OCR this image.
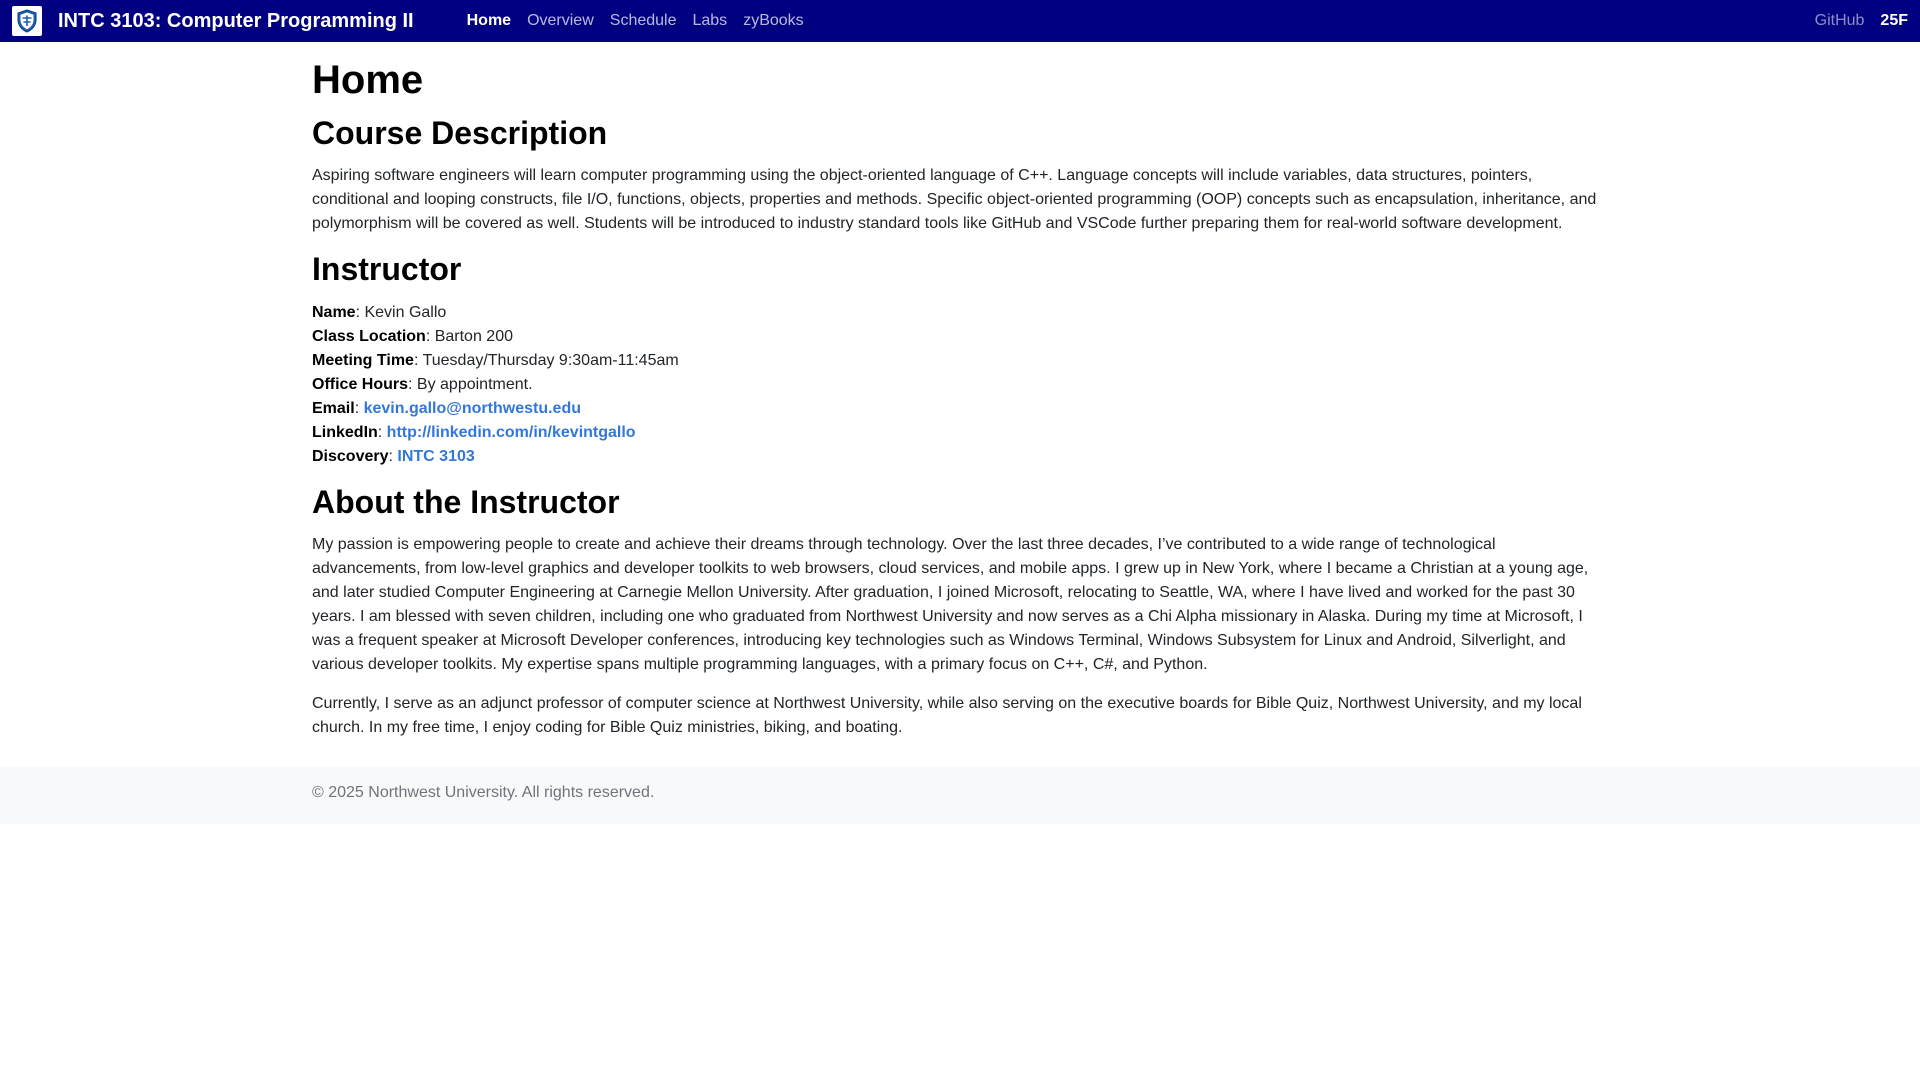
INTC 3103: Computer Programming II	Home	Overview	Schedule	Labs	zyBooks	GitHub	25F
Home
Course Description

Aspiring software engineers will learn computer programming using the object-oriented language of C++. Language concepts will include variables, data structures, pointers, conditional and looping constructs, file I/O, functions, objects, properties and methods. Specific object-oriented programming (OOP) concepts such as encapsulation, inheritance, and polymorphism will be covered as well. Students will be introduced to industry standard tools like GitHub and VSCode further preparing them for real-world software development.

Instructor
Name: Kevin Gallo
Class Location: Barton 200
Meeting Time: Tuesday/Thursday 9:30am-11:45am
Office Hours: By appointment.
Email: kevin.gallo@northwestu.edu
LinkedIn: http://linkedin.com/in/kevintgallo
Discovery: INTC 3103
About the Instructor

My passion is empowering people to create and achieve their dreams through technology. Over the last three decades, I’ve contributed to a wide range of technological advancements, from low-level graphics and developer toolkits to web browsers, cloud services, and mobile apps. I grew up in New York, where I became a Christian at a young age, and later studied Computer Engineering at Carnegie Mellon University. After graduation, I joined Microsoft, relocating to Seattle, WA, where I have lived and worked for the past 30 years. I am blessed with seven children, including one who graduated from Northwest University and now serves as a Chi Alpha missionary in Alaska. During my time at Microsoft, I was a frequent speaker at Microsoft Developer conferences, introducing key technologies such as Windows Terminal, Windows Subsystem for Linux and Android, Silverlight, and various developer toolkits. My expertise spans multiple programming languages, with a primary focus on C++, C#, and Python.

Currently, I serve as an adjunct professor of computer science at Northwest University, while also serving on the executive boards for Bible Quiz, Northwest University, and my local church. In my free time, I enjoy coding for Bible Quiz ministries, biking, and boating.

© 2025 Northwest University. All rights reserved.
